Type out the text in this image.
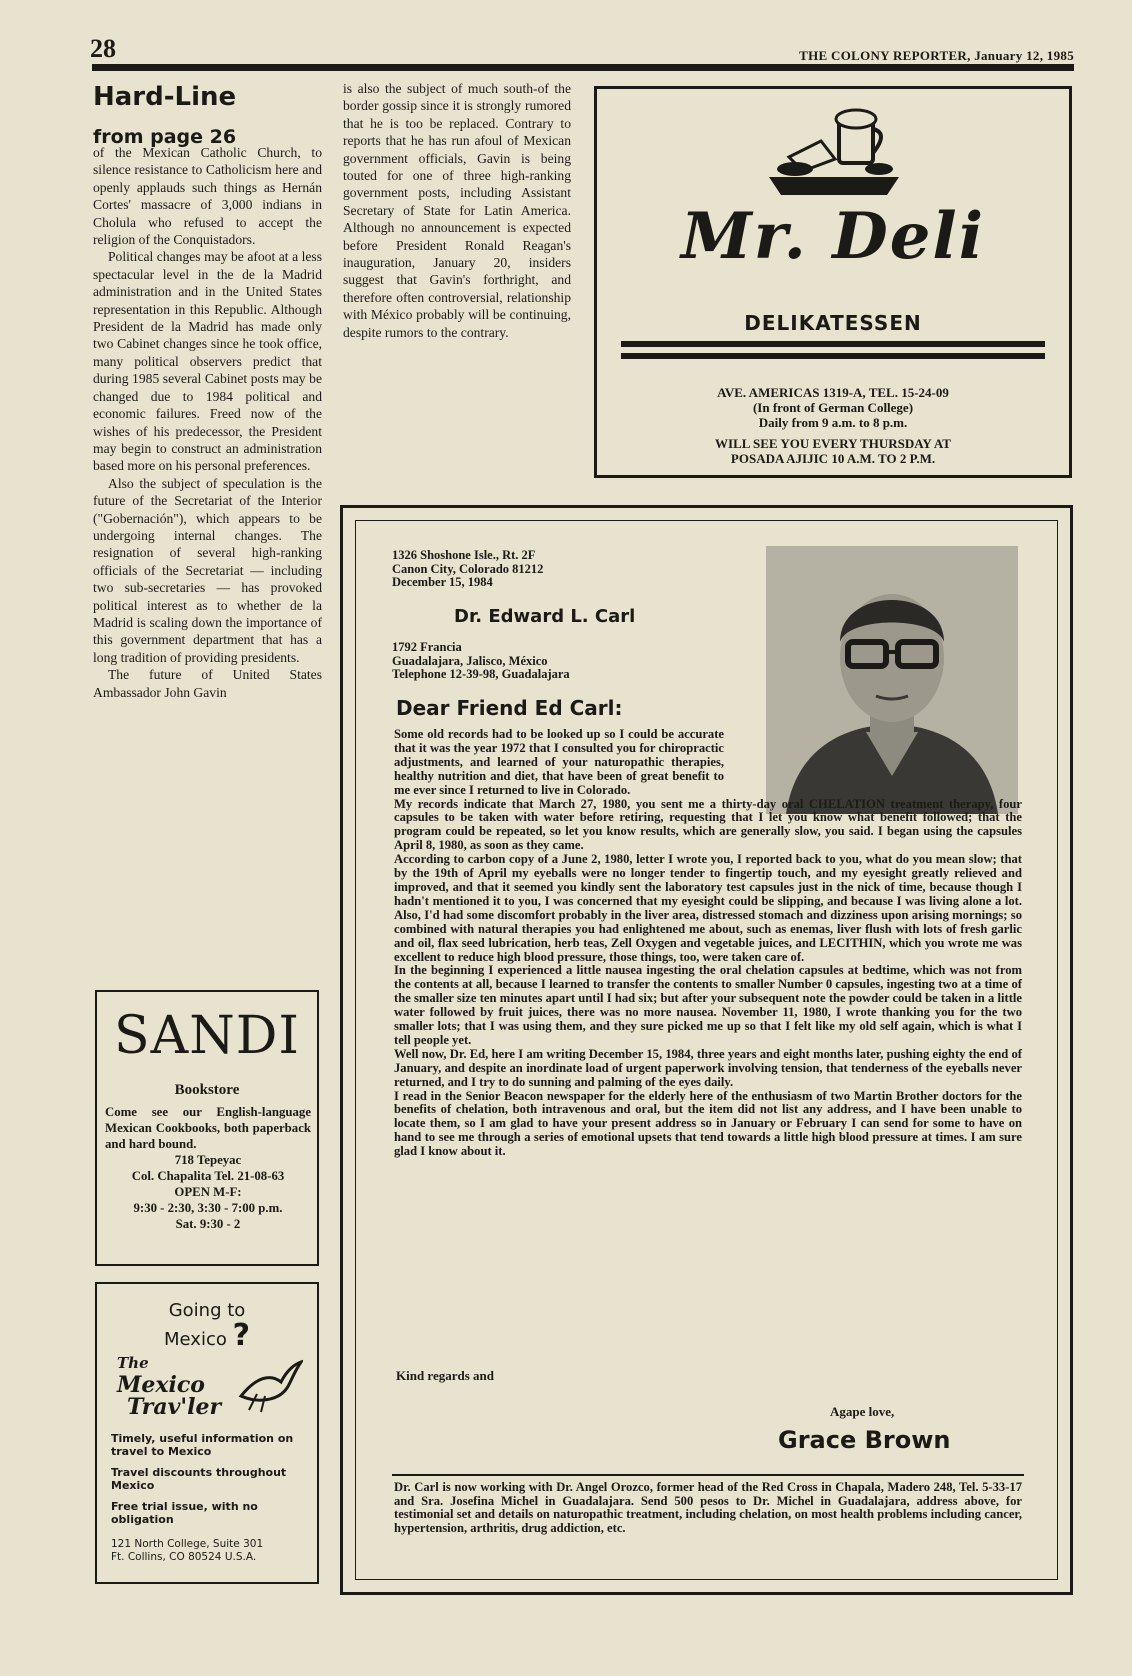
28	THE COLONY REPORTER, January 12, 1985
Hard-Line
from page 26

of the Mexican Catholic Church, to silence resistance to Catholicism here and openly applauds such things as Hernán Cortes' massacre of 3,000 indians in Cholula who refused to accept the religion of the Conquistadors.

Political changes may be afoot at a less spectacular level in the de la Madrid administration and in the United States representation in this Republic. Although President de la Madrid has made only two Cabinet changes since he took office, many political observers predict that during 1985 several Cabinet posts may be changed due to 1984 political and economic failures. Freed now of the wishes of his predecessor, the President may begin to construct an administration based more on his personal preferences.

Also the subject of speculation is the future of the Secretariat of the Interior ("Gobernación"), which appears to be undergoing internal changes. The resignation of several high-ranking officials of the Secretariat — including two sub-secretaries — has provoked political interest as to whether de la Madrid is scaling down the importance of this government department that has a long tradition of providing presidents.

The future of United States Ambassador John Gavin

is also the subject of much south-of the border gossip since it is strongly rumored that he is too be replaced. Contrary to reports that he has run afoul of Mexican government officials, Gavin is being touted for one of three high-ranking government posts, including Assistant Secretary of State for Latin America. Although no announcement is expected before President Ronald Reagan's inauguration, January 20, insiders suggest that Gavin's forthright, and therefore often controversial, relationship with México probably will be continuing, despite rumors to the contrary.

Mr. Deli
DELIKATESSEN
AVE. AMERICAS 1319-A, TEL. 15-24-09
(In front of German College)
Daily from 9 a.m. to 8 p.m.
WILL SEE YOU EVERY THURSDAY AT
POSADA AJIJIC 10 A.M. TO 2 P.M.
SANDI
Bookstore
Come see our English-language Mexican Cookbooks, both paperback and hard bound.
718 Tepeyac
Col. Chapalita Tel. 21-08-63
OPEN M-F:
9:30 - 2:30, 3:30 - 7:00 p.m.
Sat. 9:30 - 2
Going to
Mexico ?
The
Mexico
Trav'ler
Timely, useful information on travel to Mexico
Travel discounts throughout Mexico
Free trial issue, with no obligation
121 North College, Suite 301
Ft. Collins, CO 80524 U.S.A.
1326 Shoshone Isle., Rt. 2F
Canon City, Colorado 81212
December 15, 1984
Dr. Edward L. Carl
1792 Francia
Guadalajara, Jalisco, México
Telephone 12-39-98, Guadalajara
Dear Friend Ed Carl:

Some old records had to be looked up so I could be accurate that it was the year 1972 that I consulted you for chiropractic adjustments, and learned of your naturopathic therapies, healthy nutrition and diet, that have been of great benefit to me ever since I returned to live in Colorado.

My records indicate that March 27, 1980, you sent me a thirty-day oral CHELATION treatment therapy, four capsules to be taken with water before retiring, requesting that I let you know what benefit followed; that the program could be repeated, so let you know results, which are generally slow, you said. I began using the capsules April 8, 1980, as soon as they came.

According to carbon copy of a June 2, 1980, letter I wrote you, I reported back to you, what do you mean slow; that by the 19th of April my eyeballs were no longer tender to fingertip touch, and my eyesight greatly relieved and improved, and that it seemed you kindly sent the laboratory test capsules just in the nick of time, because though I hadn't mentioned it to you, I was concerned that my eyesight could be slipping, and because I was living alone a lot. Also, I'd had some discomfort probably in the liver area, distressed stomach and dizziness upon arising mornings; so combined with natural therapies you had enlightened me about, such as enemas, liver flush with lots of fresh garlic and oil, flax seed lubrication, herb teas, Zell Oxygen and vegetable juices, and LECITHIN, which you wrote me was excellent to reduce high blood pressure, those things, too, were taken care of.

In the beginning I experienced a little nausea ingesting the oral chelation capsules at bedtime, which was not from the contents at all, because I learned to transfer the contents to smaller Number 0 capsules, ingesting two at a time of the smaller size ten minutes apart until I had six; but after your subsequent note the powder could be taken in a little water followed by fruit juices, there was no more nausea. November 11, 1980, I wrote thanking you for the two smaller lots; that I was using them, and they sure picked me up so that I felt like my old self again, which is what I tell people yet.

Well now, Dr. Ed, here I am writing December 15, 1984, three years and eight months later, pushing eighty the end of January, and despite an inordinate load of urgent paperwork involving tension, that tenderness of the eyeballs never returned, and I try to do sunning and palming of the eyes daily.

I read in the Senior Beacon newspaper for the elderly here of the enthusiasm of two Martin Brother doctors for the benefits of chelation, both intravenous and oral, but the item did not list any address, and I have been unable to locate them, so I am glad to have your present address so in January or February I can send for some to have on hand to see me through a series of emotional upsets that tend towards a little high blood pressure at times. I am sure glad I know about it.

Kind regards and
Agape love,
Grace Brown
Dr. Carl is now working with Dr. Angel Orozco, former head of the Red Cross in Chapala, Madero 248, Tel. 5-33-17 and Sra. Josefina Michel in Guadalajara. Send 500 pesos to Dr. Michel in Guadalajara, address above, for testimonial set and details on naturopathic treatment, including chelation, on most health problems including cancer, hypertension, arthritis, drug addiction, etc.
